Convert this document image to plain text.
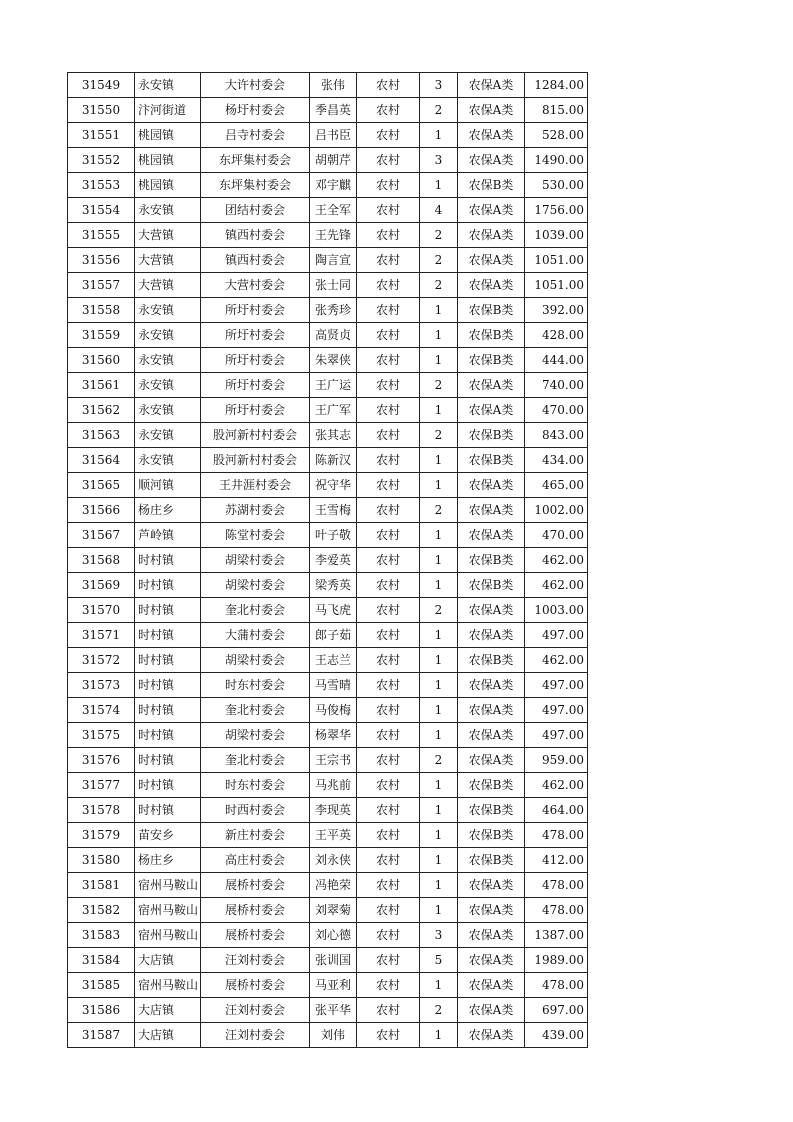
31549	永安镇	大许村委会	张伟	农村	3	农保A类	1284.00
31550	汴河街道	杨圩村委会	季昌英	农村	2	农保A类	815.00
31551	桃园镇	吕寺村委会	吕书臣	农村	1	农保A类	528.00
31552	桃园镇	东坪集村委会	胡朝芹	农村	3	农保A类	1490.00
31553	桃园镇	东坪集村委会	邓宇麒	农村	1	农保B类	530.00
31554	永安镇	团结村委会	王全军	农村	4	农保A类	1756.00
31555	大营镇	镇西村委会	王先锋	农村	2	农保A类	1039.00
31556	大营镇	镇西村委会	陶言宣	农村	2	农保A类	1051.00
31557	大营镇	大营村委会	张士同	农村	2	农保A类	1051.00
31558	永安镇	所圩村委会	张秀珍	农村	1	农保B类	392.00
31559	永安镇	所圩村委会	高贤贞	农村	1	农保B类	428.00
31560	永安镇	所圩村委会	朱翠侠	农村	1	农保B类	444.00
31561	永安镇	所圩村委会	王广运	农村	2	农保A类	740.00
31562	永安镇	所圩村委会	王广军	农村	1	农保A类	470.00
31563	永安镇	股河新村村委会	张其志	农村	2	农保B类	843.00
31564	永安镇	股河新村村委会	陈新汉	农村	1	农保B类	434.00
31565	顺河镇	王井涯村委会	祝守华	农村	1	农保A类	465.00
31566	杨庄乡	苏湖村委会	王雪梅	农村	2	农保A类	1002.00
31567	芦岭镇	陈堂村委会	叶子敬	农村	1	农保A类	470.00
31568	时村镇	胡梁村委会	李爱英	农村	1	农保B类	462.00
31569	时村镇	胡梁村委会	梁秀英	农村	1	农保B类	462.00
31570	时村镇	奎北村委会	马飞虎	农村	2	农保A类	1003.00
31571	时村镇	大蒲村委会	郎子茹	农村	1	农保A类	497.00
31572	时村镇	胡梁村委会	王志兰	农村	1	农保B类	462.00
31573	时村镇	时东村委会	马雪晴	农村	1	农保A类	497.00
31574	时村镇	奎北村委会	马俊梅	农村	1	农保A类	497.00
31575	时村镇	胡梁村委会	杨翠华	农村	1	农保A类	497.00
31576	时村镇	奎北村委会	王宗书	农村	2	农保A类	959.00
31577	时村镇	时东村委会	马兆前	农村	1	农保B类	462.00
31578	时村镇	时西村委会	李现英	农村	1	农保B类	464.00
31579	苗安乡	新庄村委会	王平英	农村	1	农保B类	478.00
31580	杨庄乡	高庄村委会	刘永侠	农村	1	农保B类	412.00
31581	宿州马鞍山	展桥村委会	冯艳荣	农村	1	农保A类	478.00
31582	宿州马鞍山	展桥村委会	刘翠菊	农村	1	农保A类	478.00
31583	宿州马鞍山	展桥村委会	刘心德	农村	3	农保A类	1387.00
31584	大店镇	汪刘村委会	张训国	农村	5	农保A类	1989.00
31585	宿州马鞍山	展桥村委会	马亚利	农村	1	农保A类	478.00
31586	大店镇	汪刘村委会	张平华	农村	2	农保A类	697.00
31587	大店镇	汪刘村委会	刘伟	农村	1	农保A类	439.00
